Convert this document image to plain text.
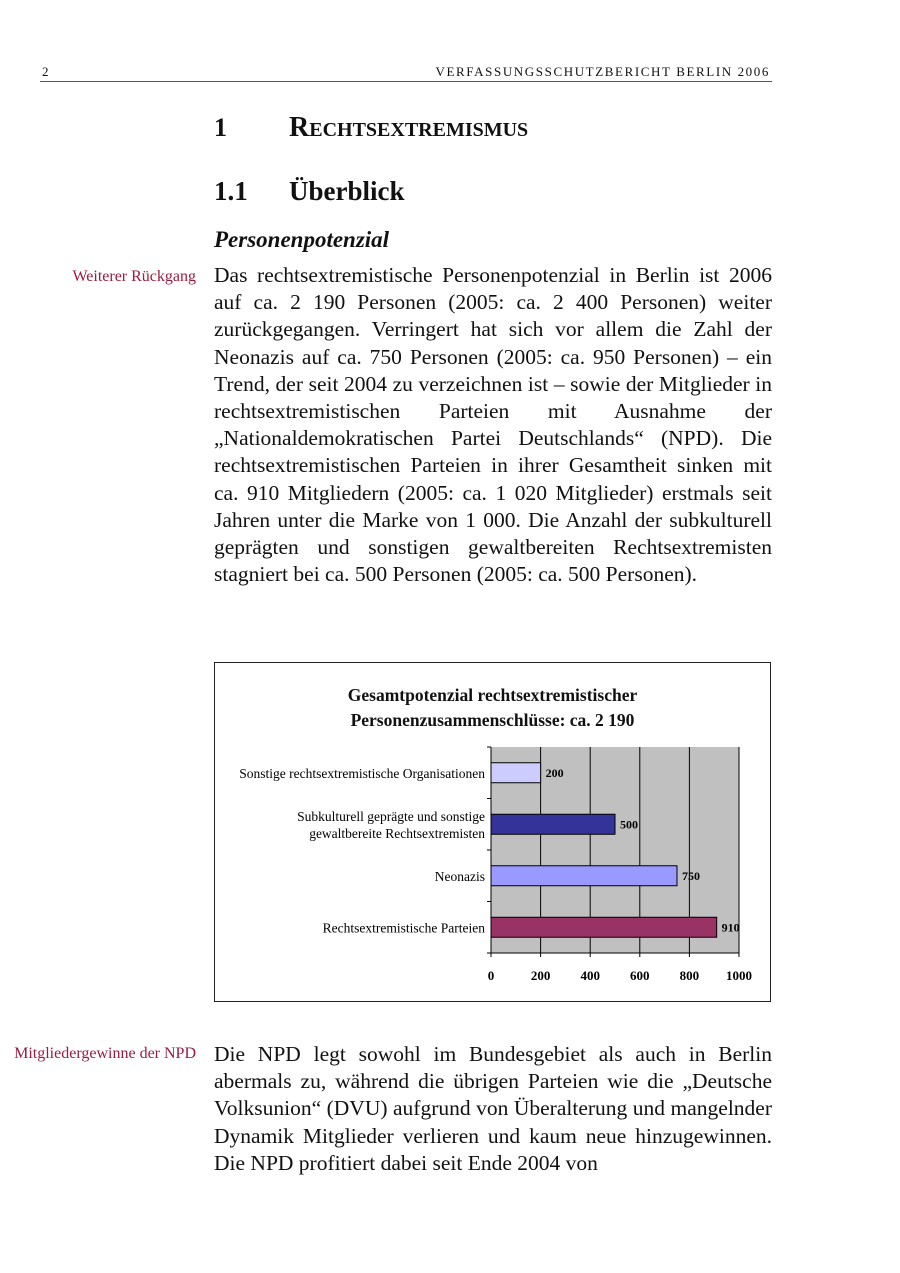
2	VERFASSUNGSSCHUTZBERICHT BERLIN 2006
1 RECHTSEXTREMISMUS
1.1 Überblick
Personenpotenzial
Weiterer Rückgang Das rechtsextremistische Personenpotenzial in Berlin ist 2006 auf ca. 2 190 Personen (2005: ca. 2 400 Personen) weiter zurückgegangen. Verringert hat sich vor allem die Zahl der Neonazis auf ca. 750 Personen (2005: ca. 950 Personen) – ein Trend, der seit 2004 zu verzeichnen ist – sowie der Mitglieder in rechtsextremistischen Parteien mit Ausnahme der „Nationaldemokratischen Partei Deutschlands“ (NPD). Die rechtsextremistischen Parteien in ihrer Gesamtheit sinken mit ca. 910 Mitgliedern (2005: ca. 1 020 Mitglieder) erstmals seit Jahren unter die Marke von 1 000. Die Anzahl der subkulturell geprägten und sonstigen gewaltbereiten Rechtsextremisten stagniert bei ca. 500 Personen (2005: ca. 500 Personen).
Gesamtpotenzial rechtsextremistischer
Personenzusammenschlüsse: ca. 2 190
0	200 400 600 800 1000
200
Sonstige rechtsextremistische Organisationen
500
Subkulturell geprägte und sonstige
gewaltbereite Rechtsextremisten
750
Neonazis
910
Rechtsextremistische Parteien
Mitgliedergewinne der NPD Die NPD legt sowohl im Bundesgebiet als auch in Berlin abermals zu, während die übrigen Parteien wie die „Deutsche Volksunion“ (DVU) aufgrund von Überalterung und mangelnder Dynamik Mitglieder verlieren und kaum neue hinzugewinnen. Die NPD profitiert dabei seit Ende 2004 von
